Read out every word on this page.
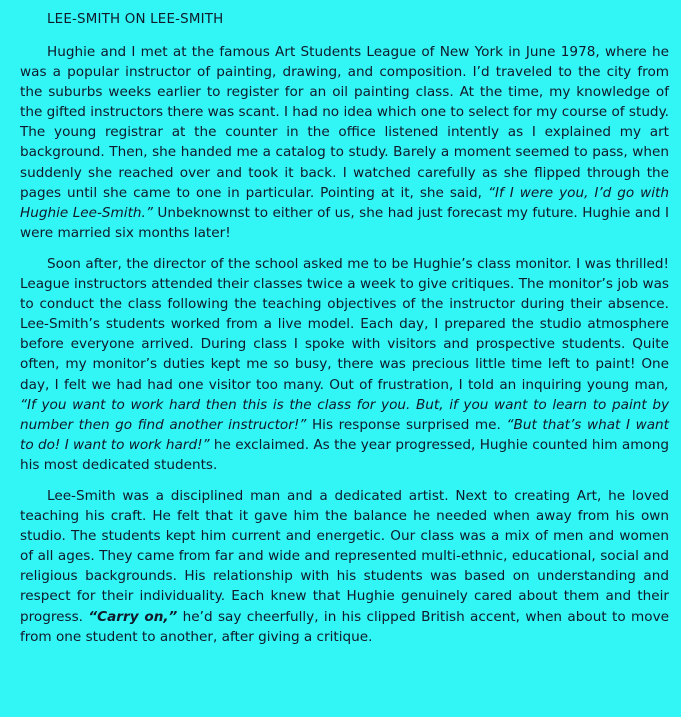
LEE-SMITH ON LEE-SMITH

Hughie and I met at the famous Art Students League of New York in June 1978, where he was a popular instructor of painting, drawing, and composition. I’d traveled to the city from the suburbs weeks earlier to register for an oil painting class. At the time, my knowledge of the gifted instructors there was scant. I had no idea which one to select for my course of study. The young registrar at the counter in the office listened intently as I explained my art background. Then, she handed me a catalog to study. Barely a moment seemed to pass, when suddenly she reached over and took it back. I watched carefully as she flipped through the pages until she came to one in particular. Pointing at it, she said, “If I were you, I’d go with Hughie Lee-Smith.” Unbeknownst to either of us, she had just forecast my future. Hughie and I were married six months later!

Soon after, the director of the school asked me to be Hughie’s class monitor. I was thrilled! League instructors attended their classes twice a week to give critiques. The monitor’s job was to conduct the class following the teaching objectives of the instructor during their absence. Lee-Smith’s students worked from a live model. Each day, I prepared the studio atmosphere before everyone arrived. During class I spoke with visitors and prospective students. Quite often, my monitor’s duties kept me so busy, there was precious little time left to paint! One day, I felt we had had one visitor too many. Out of frustration, I told an inquiring young man, “If you want to work hard then this is the class for you. But, if you want to learn to paint by number then go find another instructor!” His response surprised me. “But that’s what I want to do! I want to work hard!” he exclaimed. As the year progressed, Hughie counted him among his most dedicated students.

Lee-Smith was a disciplined man and a dedicated artist. Next to creating Art, he loved teaching his craft. He felt that it gave him the balance he needed when away from his own studio. The students kept him current and energetic. Our class was a mix of men and women of all ages. They came from far and wide and represented multi-ethnic, educational, social and religious backgrounds. His relationship with his students was based on understanding and respect for their individuality. Each knew that Hughie genuinely cared about them and their progress. “Carry on,” he’d say cheerfully, in his clipped British accent, when about to move from one student to another, after giving a critique.
